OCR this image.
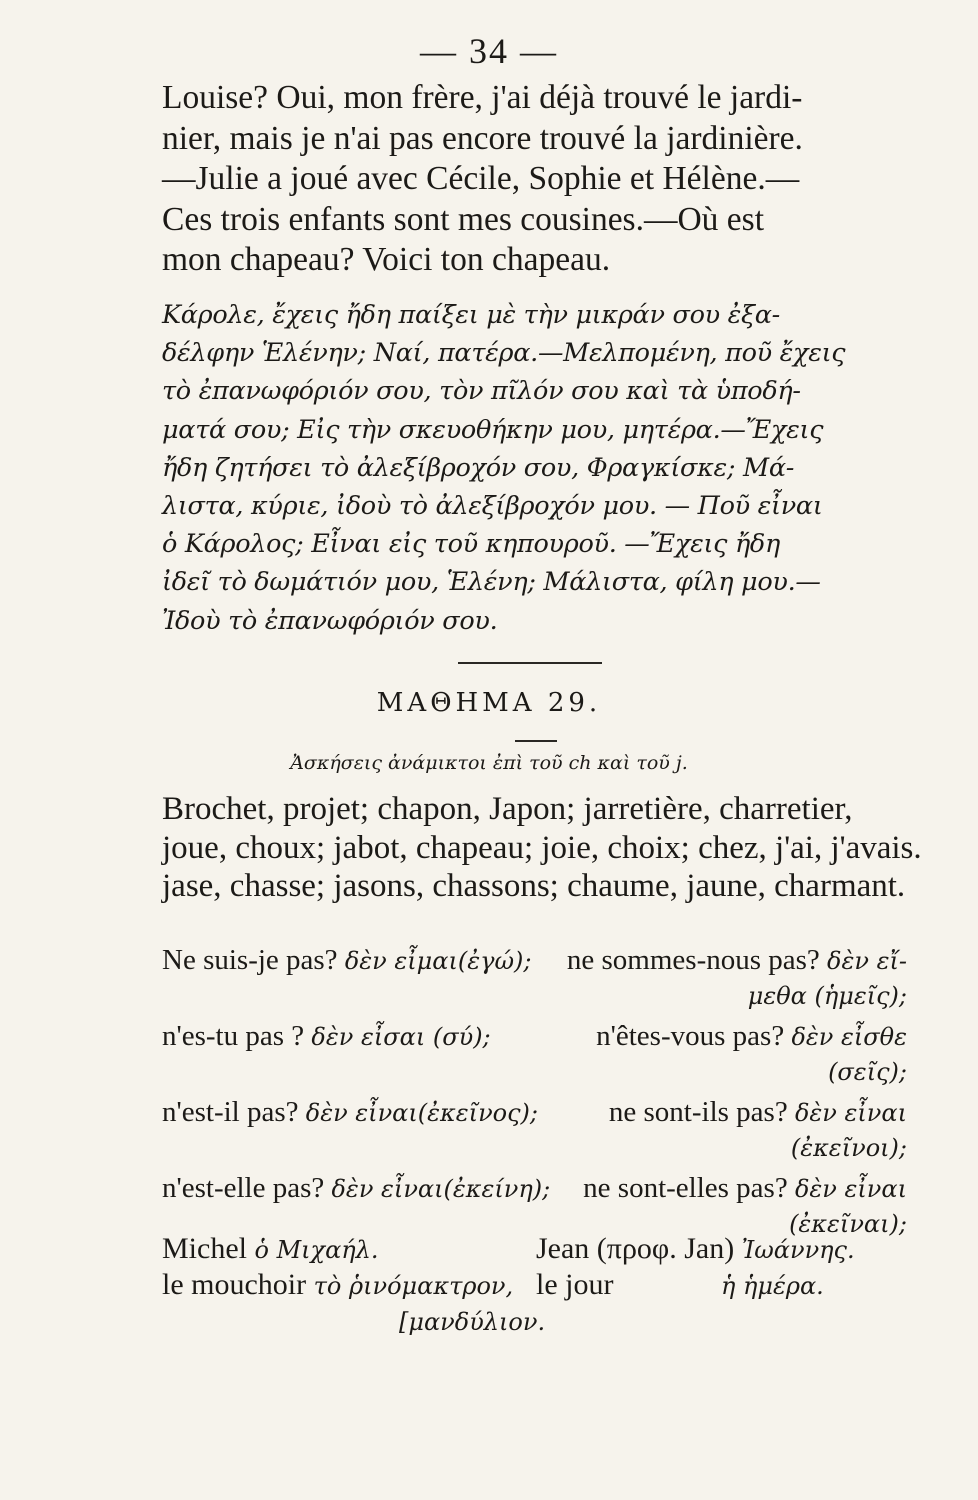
— 34 —
Louise? Oui, mon frère, j'ai déjà trouvé le jardi-
nier, mais je n'ai pas encore trouvé la jardinière.
—Julie a joué avec Cécile, Sophie et Hélène.—
Ces trois enfants sont mes cousines.—Où est
mon chapeau? Voici ton chapeau.
Κάρολε, ἔχεις ἤδη παίξει μὲ τὴν μικράν σου ἐξα-
δέλφην Ἑλένην; Ναί, πατέρα.—Μελπομένη, ποῦ ἔχεις
τὸ ἐπανωφόριόν σου, τὸν πῖλόν σου καὶ τὰ ὑποδή-
ματά σου; Εἰς τὴν σκευοθήκην μου, μητέρα.—Ἔχεις
ἤδη ζητήσει τὸ ἀλεξίβροχόν σου, Φραγκίσκε; Μά-
λιστα, κύριε, ἰδοὺ τὸ ἀλεξίβροχόν μου. — Ποῦ εἶναι
ὁ Κάρολος; Εἶναι εἰς τοῦ κηπουροῦ. —Ἔχεις ἤδη
ἰδεῖ τὸ δωμάτιόν μου, Ἑλένη; Μάλιστα, φίλη μου.—
Ἰδοὺ τὸ ἐπανωφόριόν σου.
ΜΑΘΗΜΑ 29.
Ἀσκήσεις ἀνάμικτοι ἐπὶ τοῦ ch καὶ τοῦ j.
Brochet, projet; chapon, Japon; jarretière, charretier,
joue, choux; jabot, chapeau; joie, choix; chez, j'ai, j'avais.
jase, chasse; jasons, chassons; chaume, jaune, charmant.
Ne suis-je pas? δὲν εἶμαι(ἐγώ); ne sommes-nous pas? δὲν εἴ-
μεθα (ἡμεῖς);
n'es-tu pas ? δὲν εἶσαι (σύ);	n'êtes-vous pas? δὲν εἶσθε
(σεῖς);
n'est-il pas? δὲν εἶναι(ἐκεῖνος); ne sont-ils pas? δὲν εἶναι
(ἐκεῖνοι);
n'est-elle pas? δὲν εἶναι(ἐκείνη); ne sont-elles pas? δὲν εἶναι
(ἐκεῖναι);
Michel ὁ Μιχαήλ.	Jean (προφ. Jan) Ἰωάννης.
le mouchoir τὸ ῥινόμακτρον, le jour	ἡ ἡμέρα.
[μανδύλιον.
